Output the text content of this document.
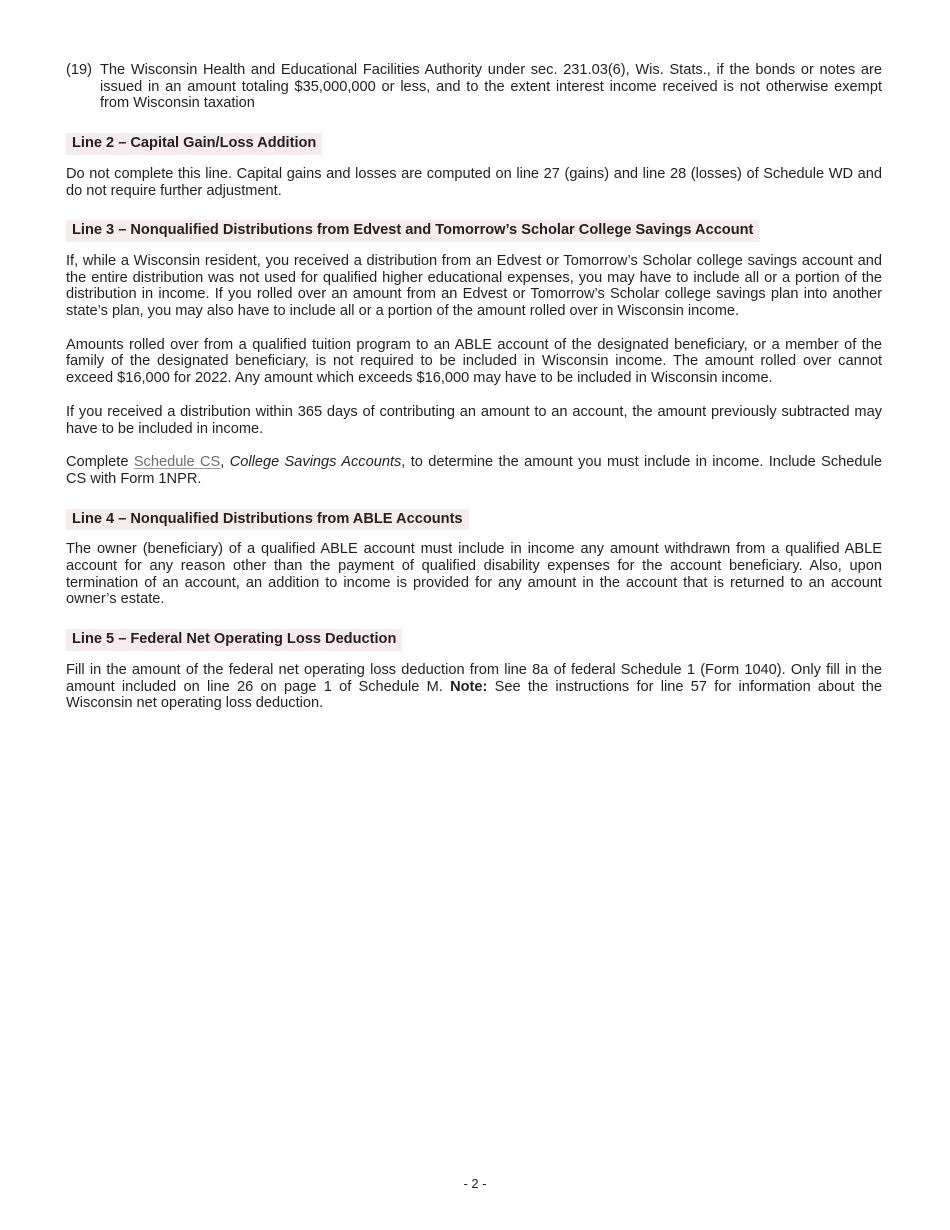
(19) The Wisconsin Health and Educational Facilities Authority under sec. 231.03(6), Wis. Stats., if the bonds or notes are issued in an amount totaling $35,000,000 or less, and to the extent interest income received is not otherwise exempt from Wisconsin taxation
Line 2 – Capital Gain/Loss Addition

Do not complete this line. Capital gains and losses are computed on line 27 (gains) and line 28 (losses) of Schedule WD and do not require further adjustment.

Line 3 – Nonqualified Distributions from Edvest and Tomorrow’s Scholar College Savings Account

If, while a Wisconsin resident, you received a distribution from an Edvest or Tomorrow’s Scholar college savings account and the entire distribution was not used for qualified higher educational expenses, you may have to include all or a portion of the distribution in income. If you rolled over an amount from an Edvest or Tomorrow’s Scholar college savings plan into another state’s plan, you may also have to include all or a portion of the amount rolled over in Wisconsin income.

Amounts rolled over from a qualified tuition program to an ABLE account of the designated beneficiary, or a member of the family of the designated beneficiary, is not required to be included in Wisconsin income. The amount rolled over cannot exceed $16,000 for 2022. Any amount which exceeds $16,000 may have to be included in Wisconsin income.

If you received a distribution within 365 days of contributing an amount to an account, the amount previously subtracted may have to be included in income.

Complete Schedule CS, College Savings Accounts, to determine the amount you must include in income. Include Schedule CS with Form 1NPR.

Line 4 – Nonqualified Distributions from ABLE Accounts

The owner (beneficiary) of a qualified ABLE account must include in income any amount withdrawn from a qualified ABLE account for any reason other than the payment of qualified disability expenses for the account beneficiary. Also, upon termination of an account, an addition to income is provided for any amount in the account that is returned to an account owner’s estate.

Line 5 – Federal Net Operating Loss Deduction

Fill in the amount of the federal net operating loss deduction from line 8a of federal Schedule 1 (Form 1040). Only fill in the amount included on line 26 on page 1 of Schedule M. Note: See the instructions for line 57 for information about the Wisconsin net operating loss deduction.

- 2 -
